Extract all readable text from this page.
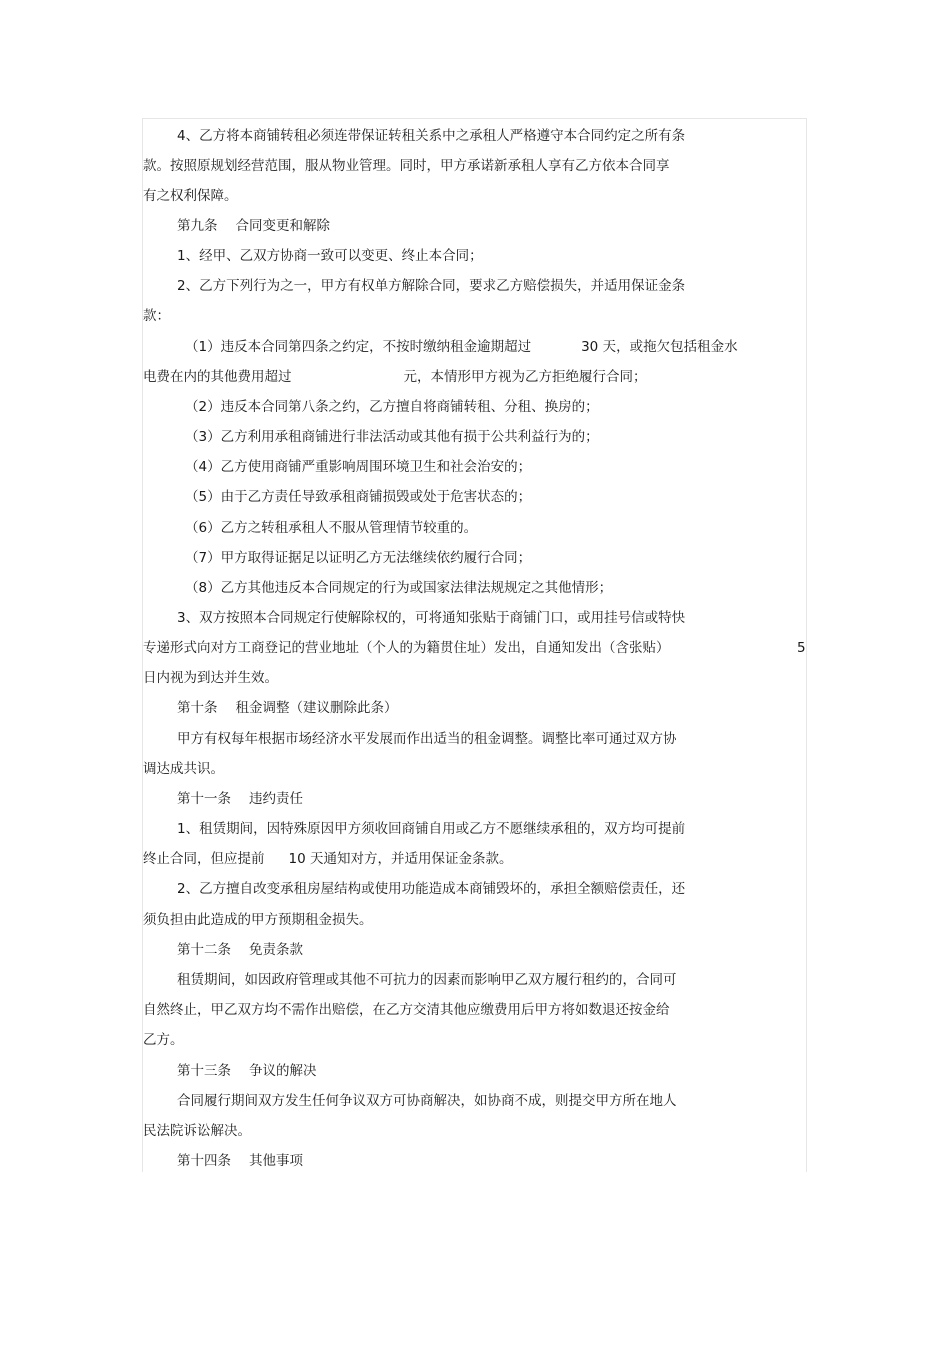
4、乙方将本商铺转租必须连带保证转租关系中之承租人严格遵守本合同约定之所有条
款。按照原规划经营范围，服从物业管理。同时，甲方承诺新承租人享有乙方依本合同享
有之权利保障。
第九条 合同变更和解除
1、经甲、乙双方协商一致可以变更、终止本合同；
2、乙方下列行为之一，甲方有权单方解除合同，要求乙方赔偿损失，并适用保证金条
款：
（1）违反本合同第四条之约定，不按时缴纳租金逾期超过	30 天，或拖欠包括租金水
电费在内的其他费用超过	元，本情形甲方视为乙方拒绝履行合同；
（2）违反本合同第八条之约，乙方擅自将商铺转租、分租、换房的；
（3）乙方利用承租商铺进行非法活动或其他有损于公共利益行为的；
（4）乙方使用商铺严重影响周围环境卫生和社会治安的；
（5）由于乙方责任导致承租商铺损毁或处于危害状态的；
（6）乙方之转租承租人不服从管理情节较重的。
（7）甲方取得证据足以证明乙方无法继续依约履行合同；
（8）乙方其他违反本合同规定的行为或国家法律法规规定之其他情形；
3、双方按照本合同规定行使解除权的，可将通知张贴于商铺门口，或用挂号信或特快
专递形式向对方工商登记的营业地址（个人的为籍贯住址）发出，自通知发出（含张贴）	5
日内视为到达并生效。
第十条 租金调整（建议删除此条）
甲方有权每年根据市场经济水平发展而作出适当的租金调整。调整比率可通过双方协
调达成共识。
第十一条 违约责任
1、租赁期间，因特殊原因甲方须收回商铺自用或乙方不愿继续承租的，双方均可提前
终止合同，但应提前 10 天通知对方，并适用保证金条款。
2、乙方擅自改变承租房屋结构或使用功能造成本商铺毁坏的，承担全额赔偿责任，还
须负担由此造成的甲方预期租金损失。
第十二条 免责条款
租赁期间，如因政府管理或其他不可抗力的因素而影响甲乙双方履行租约的，合同可
自然终止，甲乙双方均不需作出赔偿，在乙方交清其他应缴费用后甲方将如数退还按金给
乙方。
第十三条 争议的解决
合同履行期间双方发生任何争议双方可协商解决，如协商不成，则提交甲方所在地人
民法院诉讼解决。
第十四条 其他事项
